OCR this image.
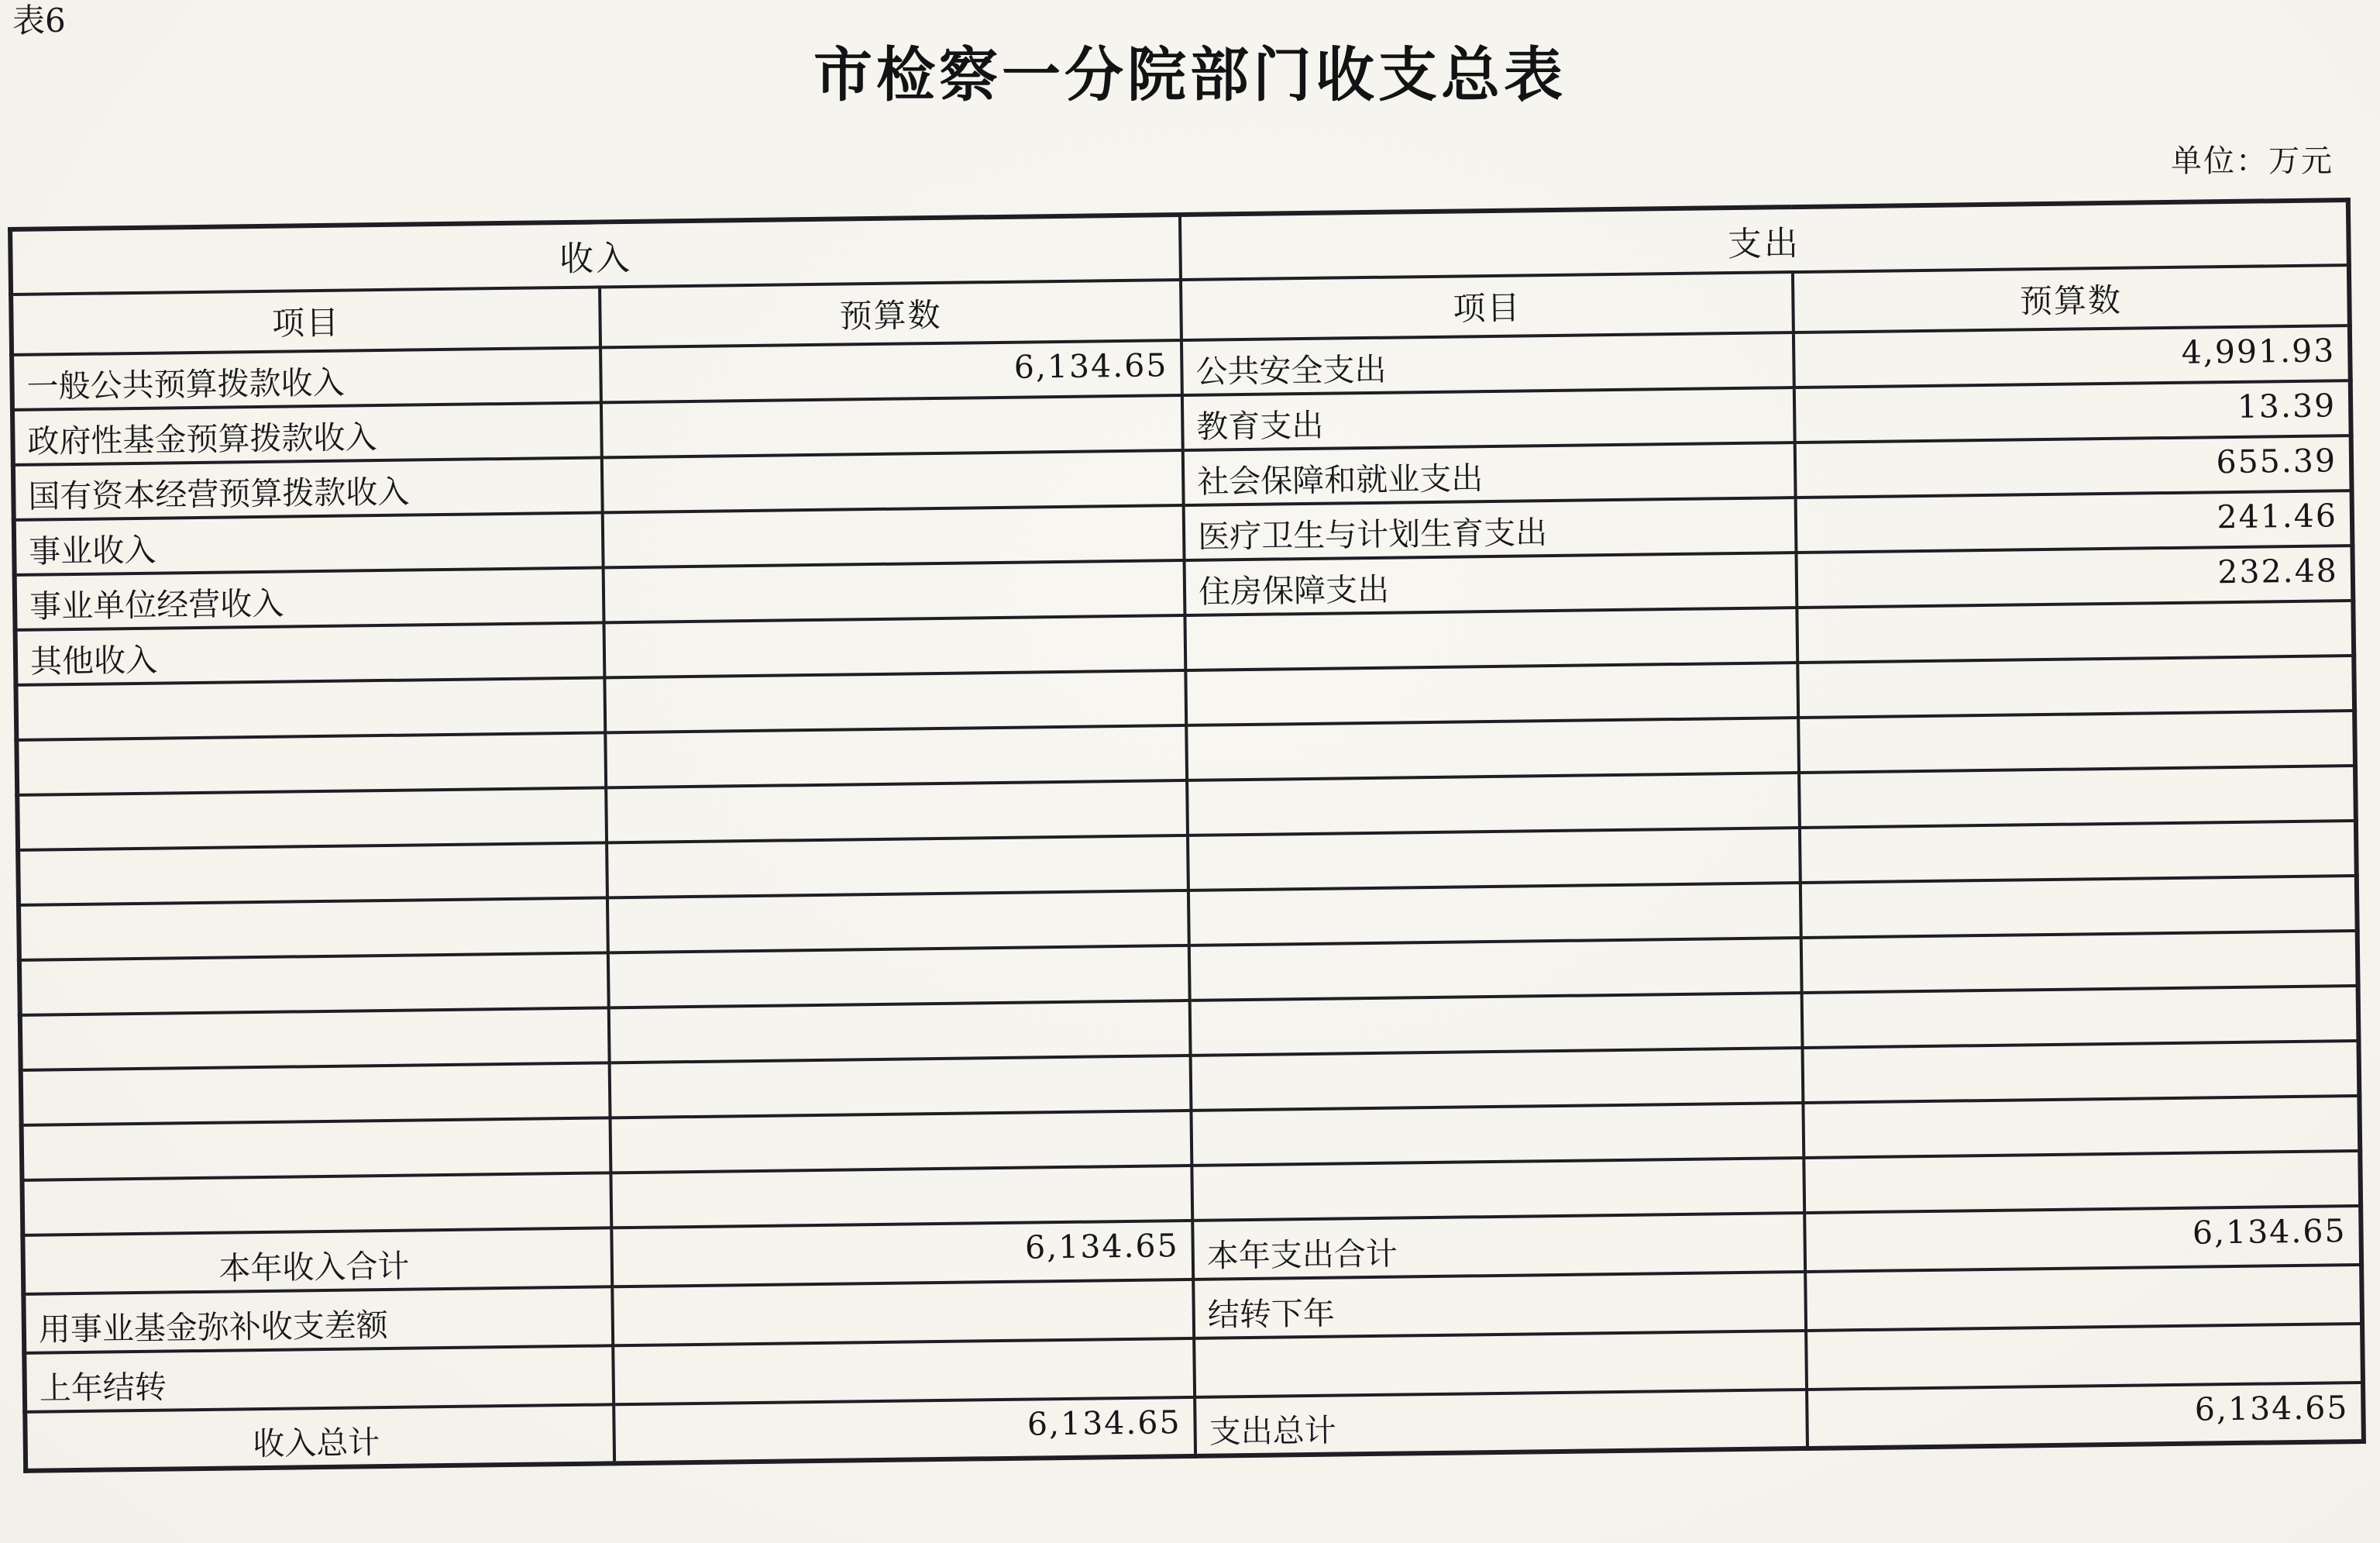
表6
市检察一分院部门收支总表
单位：万元
收入		支出	
项目	预算数	项目	预算数
一般公共预算拨款收入	6,134.65	公共安全支出	4,991.93
政府性基金预算拨款收入		教育支出	13.39
国有资本经营预算拨款收入		社会保障和就业支出	655.39
事业收入		医疗卫生与计划生育支出	241.46
事业单位经营收入		住房保障支出	232.48
其他收入			

本年收入合计	6,134.65	本年支出合计	6,134.65
用事业基金弥补收支差额		结转下年	
上年结转			
收入总计	6,134.65	支出总计	6,134.65
